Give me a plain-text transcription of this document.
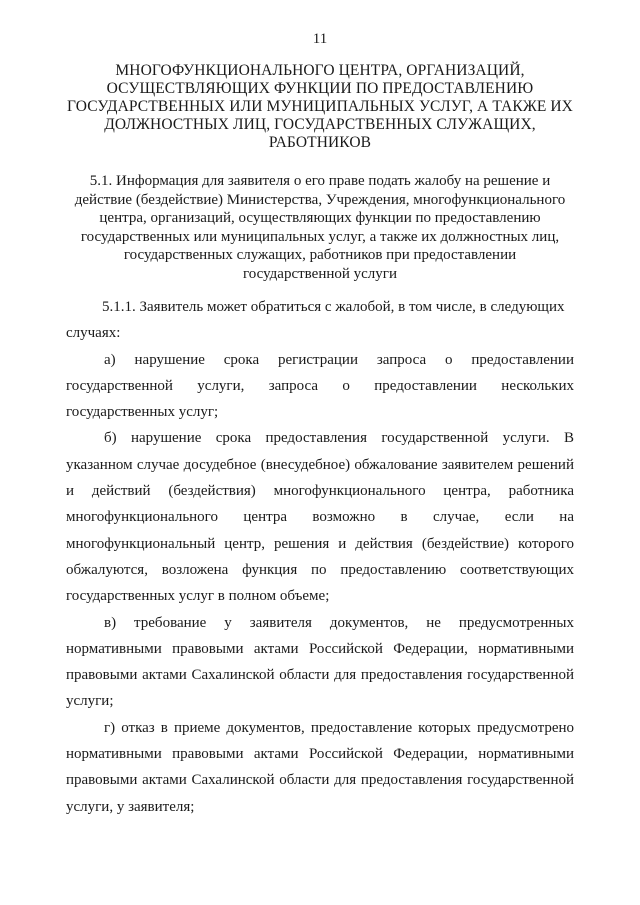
11
МНОГОФУНКЦИОНАЛЬНОГО ЦЕНТРА, ОРГАНИЗАЦИЙ,
ОСУЩЕСТВЛЯЮЩИХ ФУНКЦИИ ПО ПРЕДОСТАВЛЕНИЮ
ГОСУДАРСТВЕННЫХ ИЛИ МУНИЦИПАЛЬНЫХ УСЛУГ, А ТАКЖЕ ИХ
ДОЛЖНОСТНЫХ ЛИЦ, ГОСУДАРСТВЕННЫХ СЛУЖАЩИХ,
РАБОТНИКОВ
5.1. Информация для заявителя о его праве подать жалобу на решение и
действие (бездействие) Министерства, Учреждения, многофункционального
центра, организаций, осуществляющих функции по предоставлению
государственных или муниципальных услуг, а также их должностных лиц,
государственных служащих, работников при предоставлении
государственной услуги

5.1.1. Заявитель может обратиться с жалобой, в том числе, в следующих

случаях:

а) нарушение срока регистрации запроса о предоставлении государственной услуги, запроса о предоставлении нескольких государственных услуг;

б) нарушение срока предоставления государственной услуги. В указанном случае досудебное (внесудебное) обжалование заявителем решений и действий (бездействия) многофункционального центра, работника многофункционального центра возможно в случае, если на многофункциональный центр, решения и действия (бездействие) которого обжалуются, возложена функция по предоставлению соответствующих государственных услуг в полном объеме;

в) требование у заявителя документов, не предусмотренных нормативными правовыми актами Российской Федерации, нормативными правовыми актами Сахалинской области для предоставления государственной услуги;

г) отказ в приеме документов, предоставление которых предусмотрено нормативными правовыми актами Российской Федерации, нормативными правовыми актами Сахалинской области для предоставления государственной услуги, у заявителя;
